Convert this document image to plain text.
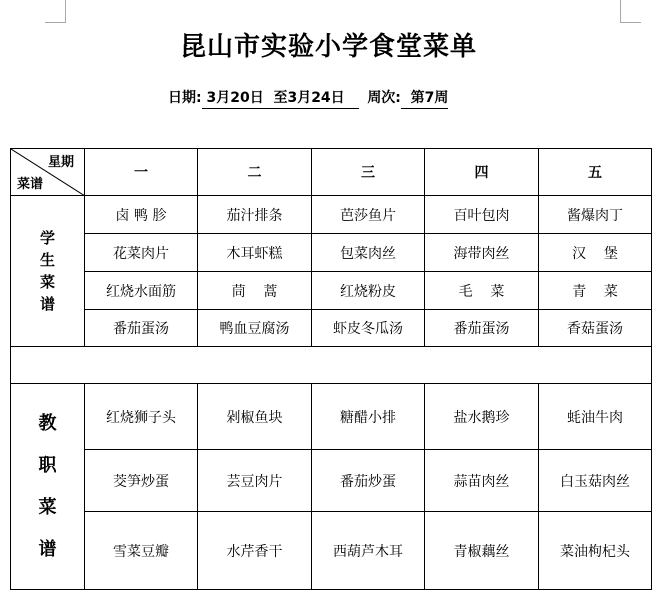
昆山市实验小学食堂菜单
日期: 3月20日  至3月24日   周次:  第7周
星期
菜谱	一	二	三	四	五
学生菜谱	卤 鸭 胗	茄汁排条	芭莎鱼片	百叶包肉	酱爆肉丁
	花菜肉片	木耳虾糕	包菜肉丝	海带肉丝	汉    堡
	红烧水面筋	茼    蒿	红烧粉皮	毛    菜	青    菜
	番茄蛋汤	鸭血豆腐汤	虾皮冬瓜汤	番茄蛋汤	香菇蛋汤

教职菜谱	红烧狮子头	剁椒鱼块	糖醋小排	盐水鹅珍	蚝油牛肉
	茭笋炒蛋	芸豆肉片	番茄炒蛋	蒜苗肉丝	白玉菇肉丝
	雪菜豆瓣	水芹香干	西葫芦木耳	青椒藕丝	菜油枸杞头
